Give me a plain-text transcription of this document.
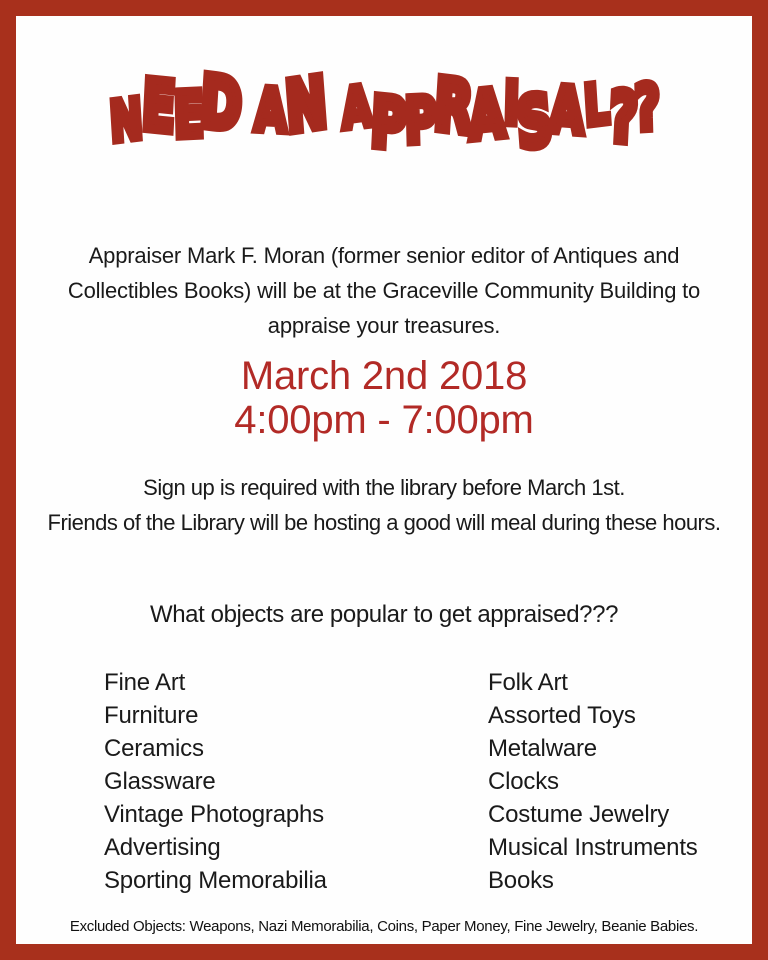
NEED AN APPRAISAL??
Appraiser Mark F. Moran (former senior editor of Antiques and
Collectibles Books) will be at the Graceville Community Building to
appraise your treasures.
March 2nd 2018
4:00pm - 7:00pm
Sign up is required with the library before March 1st.
Friends of the Library will be hosting a good will meal during these hours.
What objects are popular to get appraised???
Fine Art
Furniture
Ceramics
Glassware
Vintage Photographs
Advertising
Sporting Memorabilia
Folk Art
Assorted Toys
Metalware
Clocks
Costume Jewelry
Musical Instruments
Books
Excluded Objects: Weapons, Nazi Memorabilia, Coins, Paper Money, Fine Jewelry, Beanie Babies.
